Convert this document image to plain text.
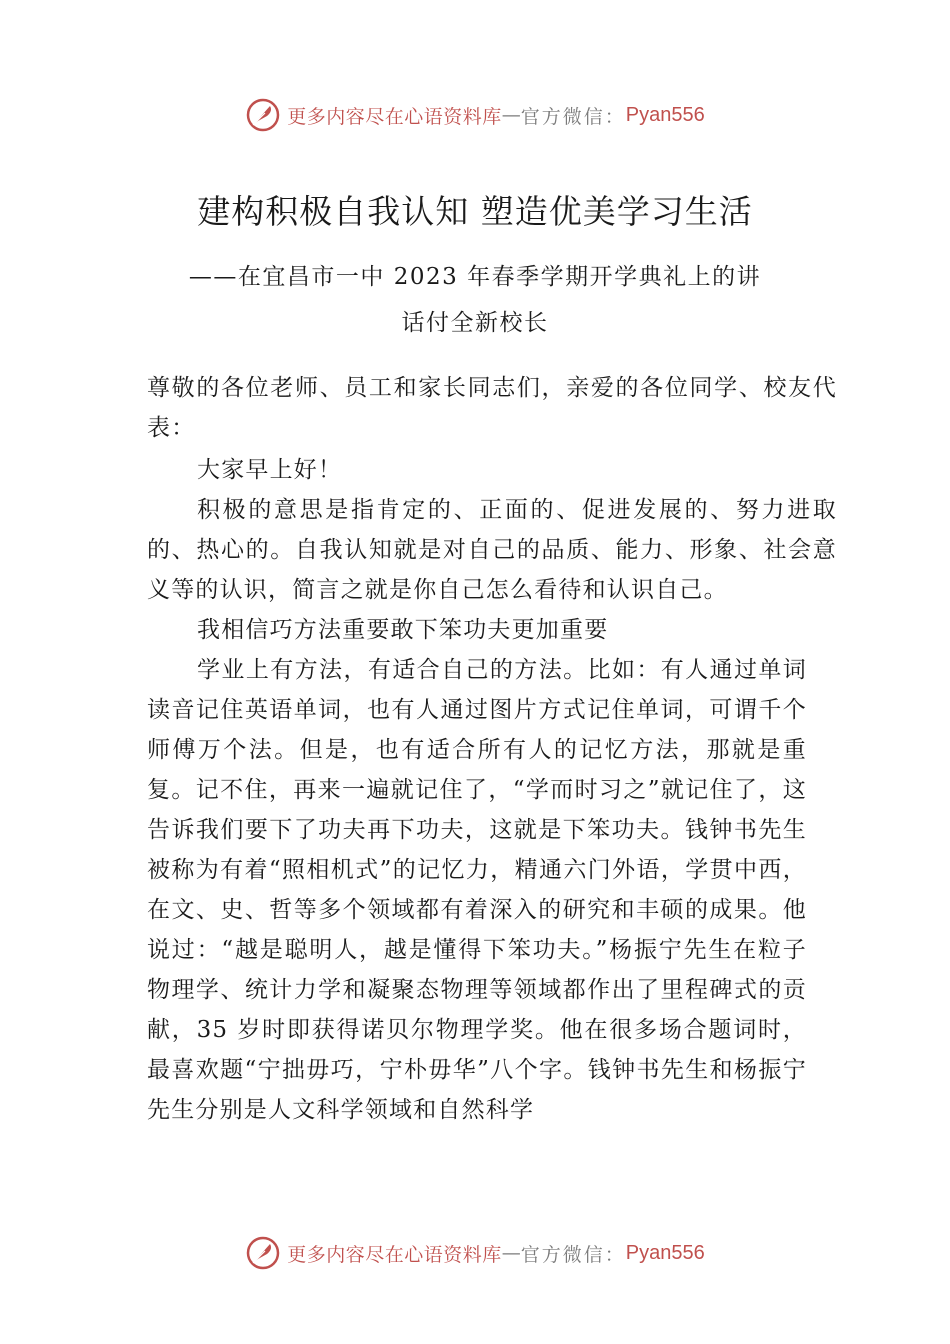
更多内容尽在心语资料库 — 官方微信： Pyan556
建构积极自我认知 塑造优美学习生活
——在宜昌市一中 2023 年春季学期开学典礼上的讲
话付全新校长

尊敬的各位老师、员工和家长同志们，亲爱的各位同学、校友代表：

大家早上好！

积极的意思是指肯定的、正面的、促进发展的、努力进取的、热心的。自我认知就是对自己的品质、能力、形象、社会意义等的认识，简言之就是你自己怎么看待和认识自己。

我相信巧方法重要敢下笨功夫更加重要

学业上有方法，有适合自己的方法。比如：有人通过单词读音记住英语单词，也有人通过图片方式记住单词，可谓千个师傅万个法。但是，也有适合所有人的记忆方法，那就是重复。记不住，再来一遍就记住了，“学而时习之”就记住了，这告诉我们要下了功夫再下功夫，这就是下笨功夫。钱钟书先生被称为有着“照相机式”的记忆力，精通六门外语，学贯中西，在文、史、哲等多个领域都有着深入的研究和丰硕的成果。他说过：“越是聪明人，越是懂得下笨功夫。”杨振宁先生在粒子物理学、统计力学和凝聚态物理等领域都作出了里程碑式的贡献，35 岁时即获得诺贝尔物理学奖。他在很多场合题词时，最喜欢题“宁拙毋巧，宁朴毋华”八个字。钱钟书先生和杨振宁先生分别是人文科学领域和自然科学

更多内容尽在心语资料库 — 官方微信： Pyan556
